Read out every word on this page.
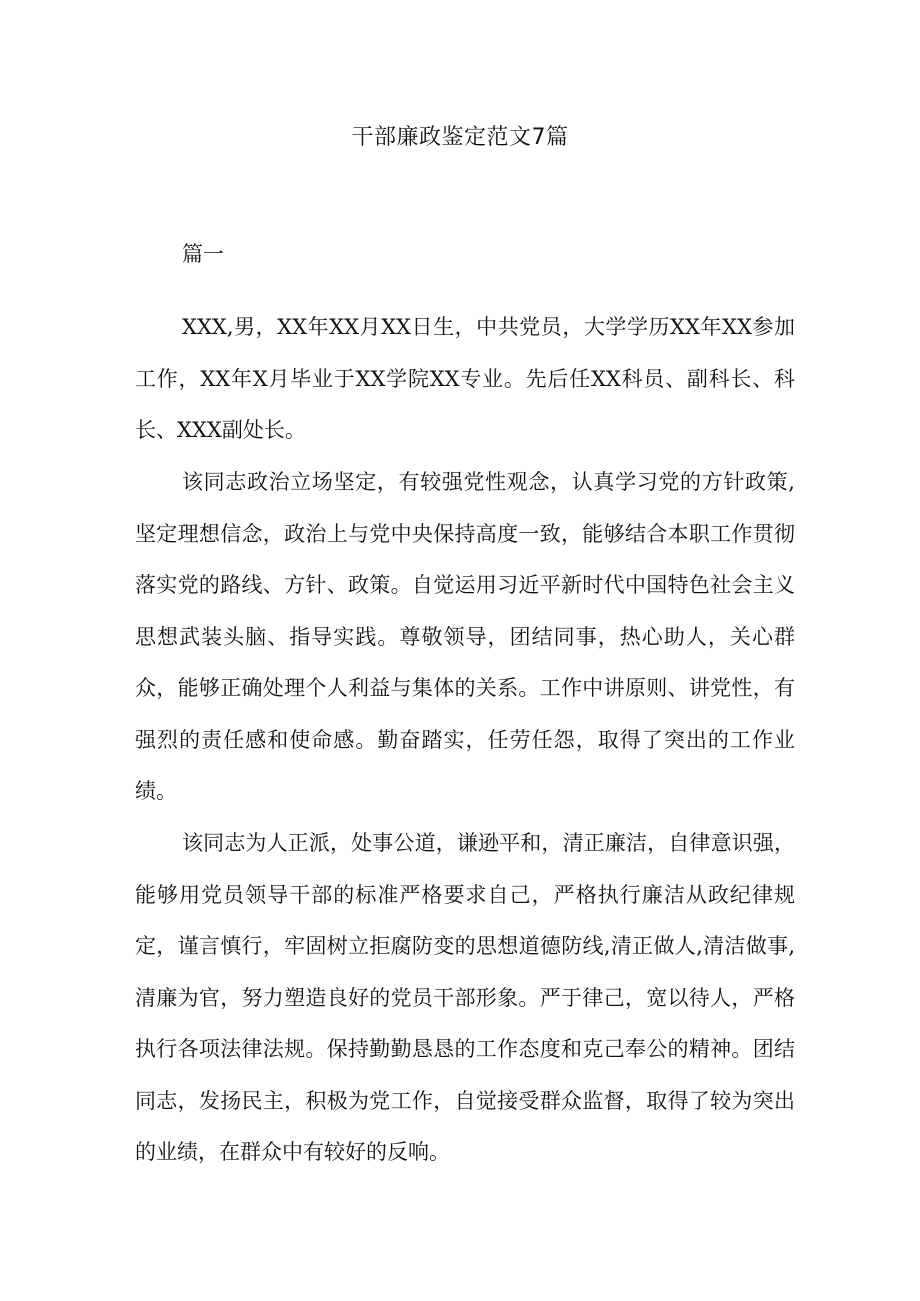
干部廉政鉴定范文7篇

篇一

XXX,男，XX年XX月XX日生，中共党员，大学学历XX年XX参加工作，XX年X月毕业于XX学院XX专业。先后任XX科员、副科长、科长、XXX副处长。

该同志政治立场坚定，有较强党性观念，认真学习党的方针政策,坚定理想信念，政治上与党中央保持高度一致，能够结合本职工作贯彻落实党的路线、方针、政策。自觉运用习近平新时代中国特色社会主义思想武装头脑、指导实践。尊敬领导，团结同事，热心助人，关心群众，能够正确处理个人利益与集体的关系。工作中讲原则、讲党性，有强烈的责任感和使命感。勤奋踏实，任劳任怨，取得了突出的工作业绩。

该同志为人正派，处事公道，谦逊平和，清正廉洁，自律意识强，能够用党员领导干部的标准严格要求自己，严格执行廉洁从政纪律规定，谨言慎行，牢固树立拒腐防变的思想道德防线,清正做人,清洁做事,清廉为官，努力塑造良好的党员干部形象。严于律己，宽以待人，严格执行各项法律法规。保持勤勤恳恳的工作态度和克己奉公的精神。团结同志，发扬民主，积极为党工作，自觉接受群众监督，取得了较为突出的业绩，在群众中有较好的反响。
